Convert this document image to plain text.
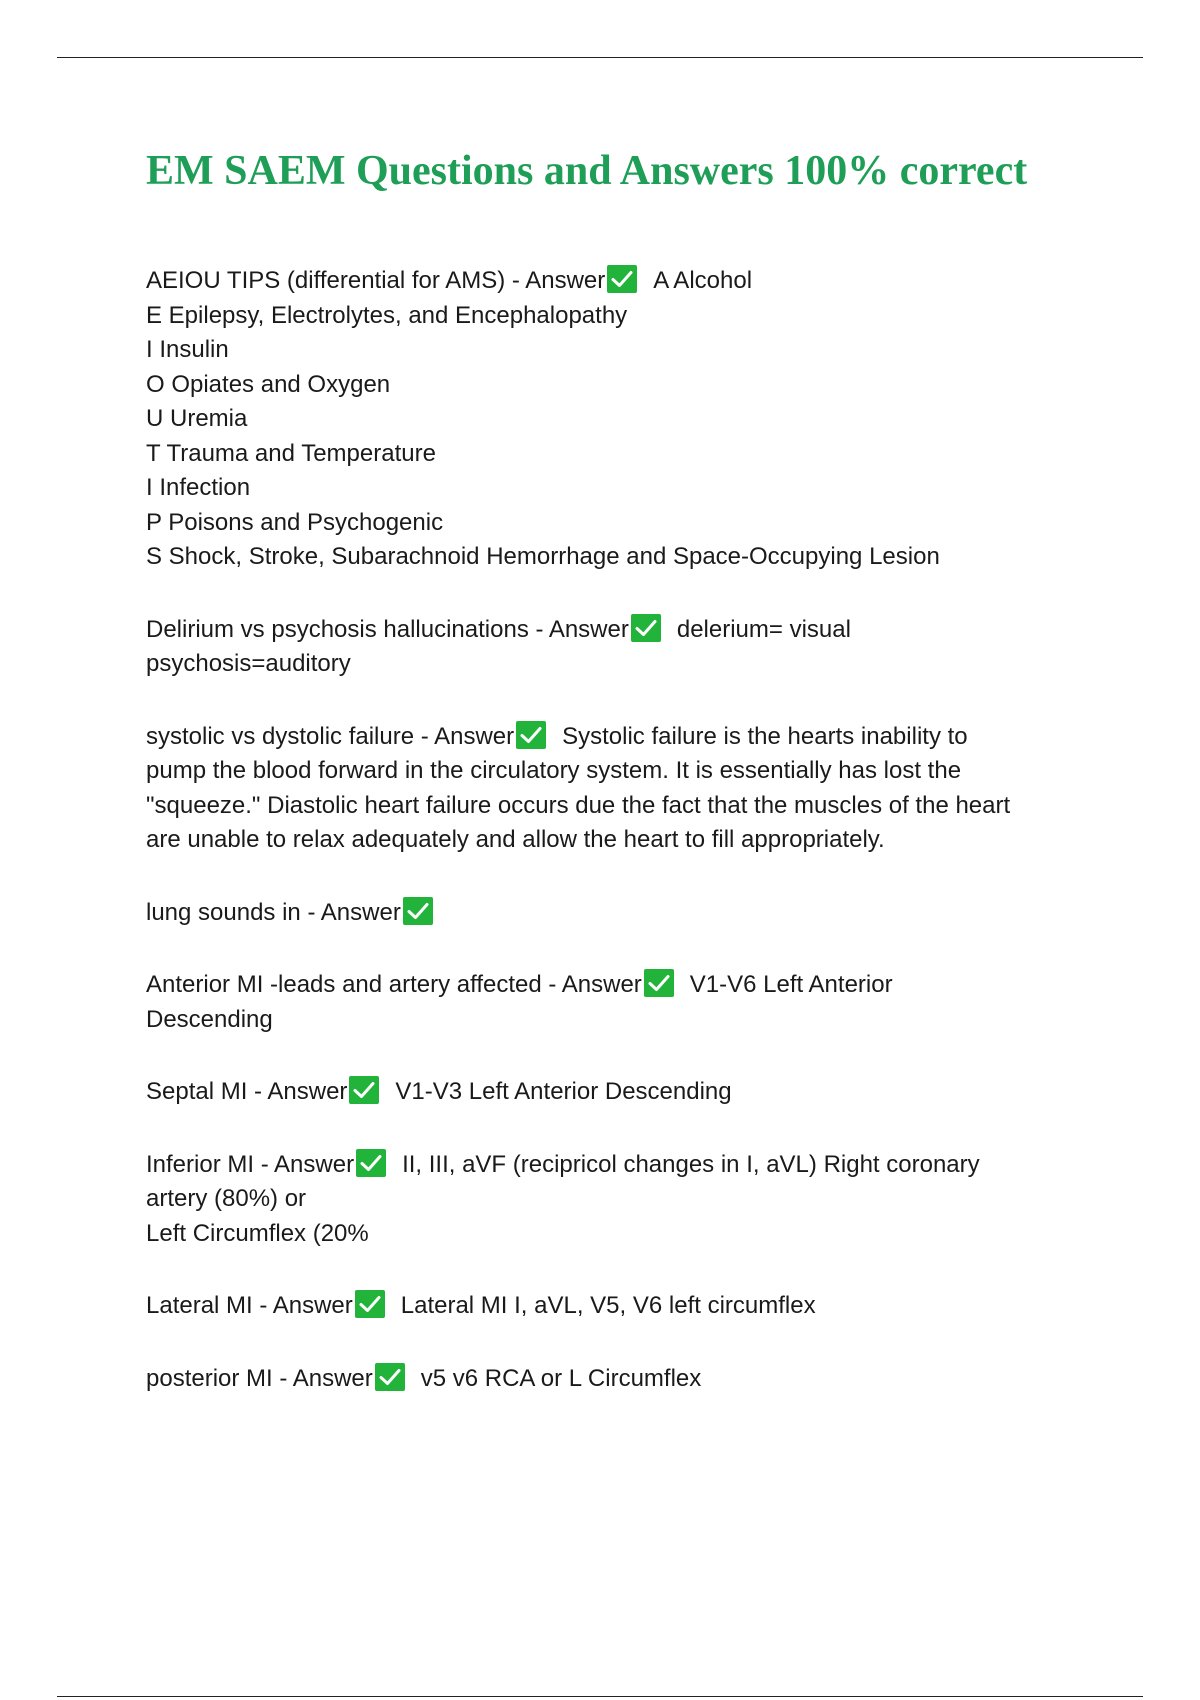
EM SAEM Questions and Answers 100% correct
AEIOU TIPS (differential for AMS) - Answer A Alcohol
E Epilepsy, Electrolytes, and Encephalopathy
I Insulin
O Opiates and Oxygen
U Uremia
T Trauma and Temperature
I Infection
P Poisons and Psychogenic
S Shock, Stroke, Subarachnoid Hemorrhage and Space-Occupying Lesion
Delirium vs psychosis hallucinations - Answer delerium= visual
psychosis=auditory
systolic vs dystolic failure - Answer Systolic failure is the hearts inability to
pump the blood forward in the circulatory system. It is essentially has lost the
"squeeze." Diastolic heart failure occurs due the fact that the muscles of the heart
are unable to relax adequately and allow the heart to fill appropriately.
lung sounds in - Answer
Anterior MI -leads and artery affected - Answer V1-V6 Left Anterior
Descending
Septal MI - Answer V1-V3 Left Anterior Descending
Inferior MI - Answer II, III, aVF (recipricol changes in I, aVL) Right coronary
artery (80%) or
Left Circumflex (20%
Lateral MI - Answer Lateral MI I, aVL, V5, V6 left circumflex
posterior MI - Answer v5 v6 RCA or L Circumflex
